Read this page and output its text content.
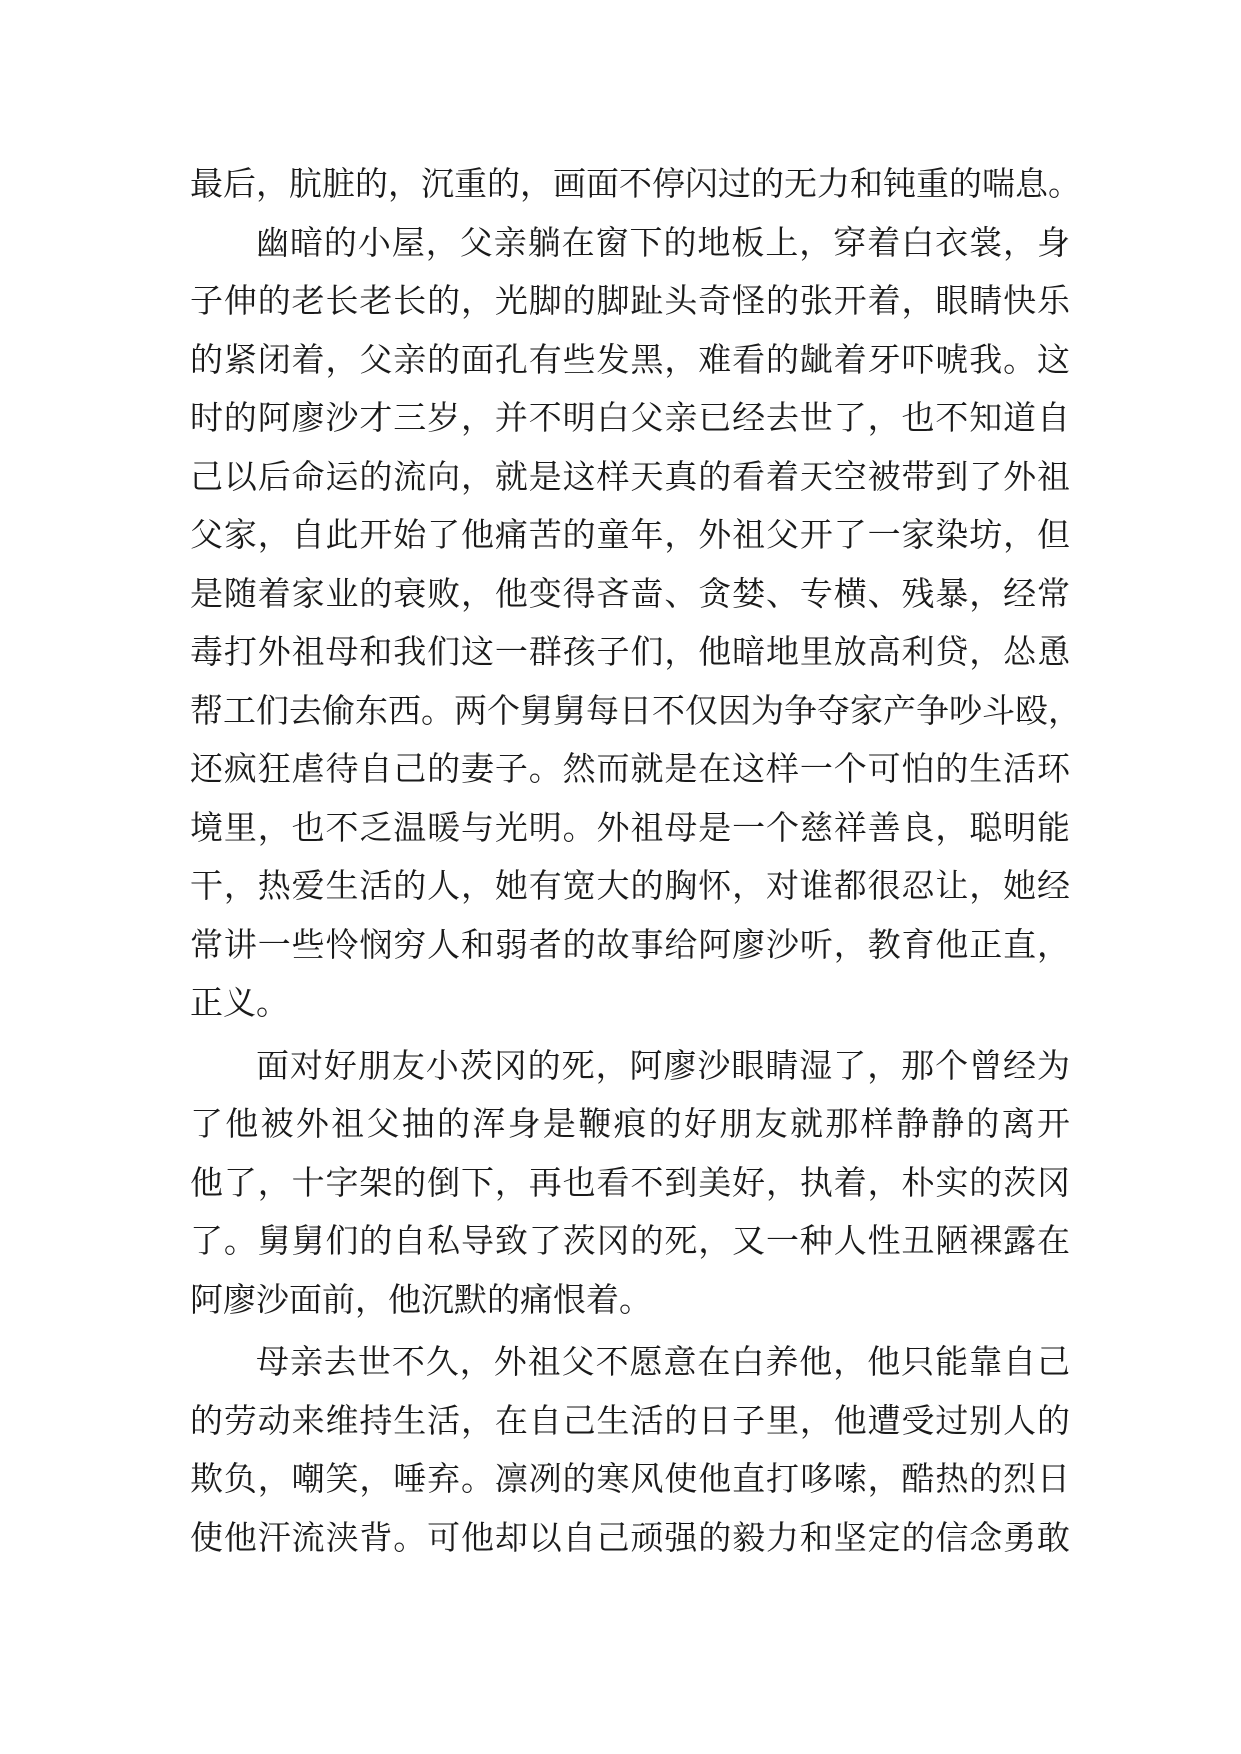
最后，肮脏的，沉重的，画面不停闪过的无力和钝重的喘息。
幽暗的小屋，父亲躺在窗下的地板上，穿着白衣裳，身
子伸的老长老长的，光脚的脚趾头奇怪的张开着，眼睛快乐
的紧闭着，父亲的面孔有些发黑，难看的龇着牙吓唬我。这
时的阿廖沙才三岁，并不明白父亲已经去世了，也不知道自
己以后命运的流向，就是这样天真的看着天空被带到了外祖
父家，自此开始了他痛苦的童年，外祖父开了一家染坊，但
是随着家业的衰败，他变得吝啬、贪婪、专横、残暴，经常
毒打外祖母和我们这一群孩子们，他暗地里放高利贷，怂恿
帮工们去偷东西。两个舅舅每日不仅因为争夺家产争吵斗殴，
还疯狂虐待自己的妻子。然而就是在这样一个可怕的生活环
境里，也不乏温暖与光明。外祖母是一个慈祥善良，聪明能
干，热爱生活的人，她有宽大的胸怀，对谁都很忍让，她经
常讲一些怜悯穷人和弱者的故事给阿廖沙听，教育他正直，
正义。
面对好朋友小茨冈的死，阿廖沙眼睛湿了，那个曾经为
了他被外祖父抽的浑身是鞭痕的好朋友就那样静静的离开
他了，十字架的倒下，再也看不到美好，执着，朴实的茨冈
了。舅舅们的自私导致了茨冈的死，又一种人性丑陋裸露在
阿廖沙面前，他沉默的痛恨着。
母亲去世不久，外祖父不愿意在白养他，他只能靠自己
的劳动来维持生活，在自己生活的日子里，他遭受过别人的
欺负，嘲笑，唾弃。凛冽的寒风使他直打哆嗦，酷热的烈日
使他汗流浃背。可他却以自己顽强的毅力和坚定的信念勇敢
